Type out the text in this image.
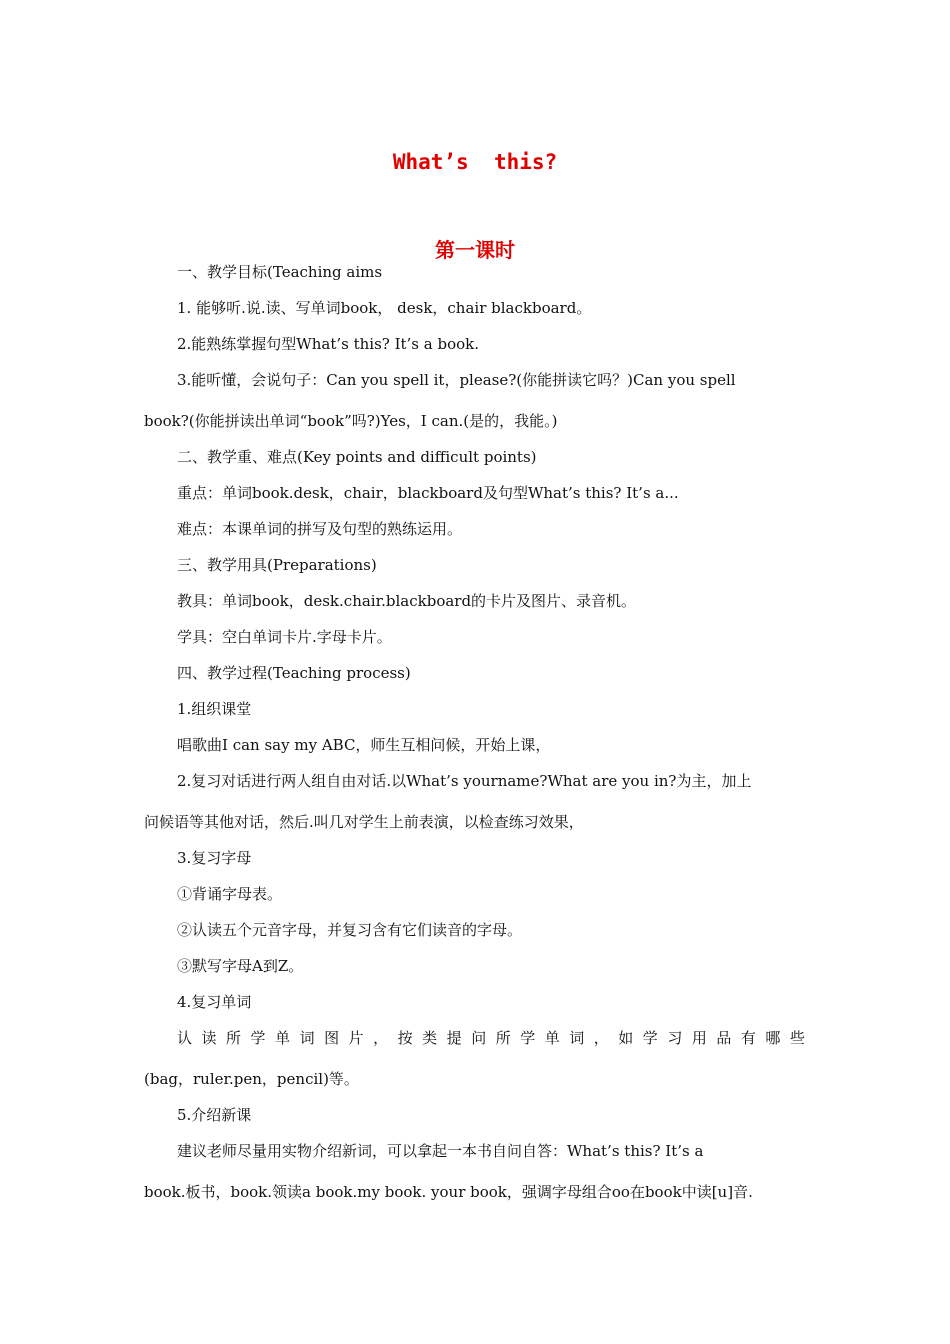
What’s  this?
第一课时
一、教学目标(Teaching aims
1. 能够听.说.读、写单词book， desk，chair blackboard。
2.能熟练掌握句型What’s this? It’s a book.
3.能听懂，会说句子：Can you spell it，please?(你能拼读它吗？)Can you spell
book?(你能拼读出单词“book”吗?)Yes，I can.(是的，我能。)
二、教学重、难点(Key points and difficult points)
重点：单词book.desk，chair，blackboard及句型What’s this? It’s a...
难点：本课单词的拼写及句型的熟练运用。
三、教学用具(Preparations)
教具：单词book，desk.chair.blackboard的卡片及图片、录音机。
学具：空白单词卡片.字母卡片。
四、教学过程(Teaching process)
1.组织课堂
唱歌曲I can say my ABC，师生互相问候，开始上课，
2.复习对话进行两人组自由对话.以What’s yourname?What are you in?为主，加上
问候语等其他对话，然后.叫几对学生上前表演，以检查练习效果，
3.复习字母
①背诵字母表。
②认读五个元音字母，并复习含有它们读音的字母。
③默写字母A到Z。
4.复习单词
认 读 所 学 单 词 图 片 ， 按 类 提 问 所 学 单 词 ， 如 学 习 用 品 有 哪 些
(bag，ruler.pen，pencil)等。
5.介绍新课
建议老师尽量用实物介绍新词，可以拿起一本书自问自答：What’s this? It’s a
book.板书，book.领读a book.my book. your book，强调字母组合oo在book中读[u]音.
